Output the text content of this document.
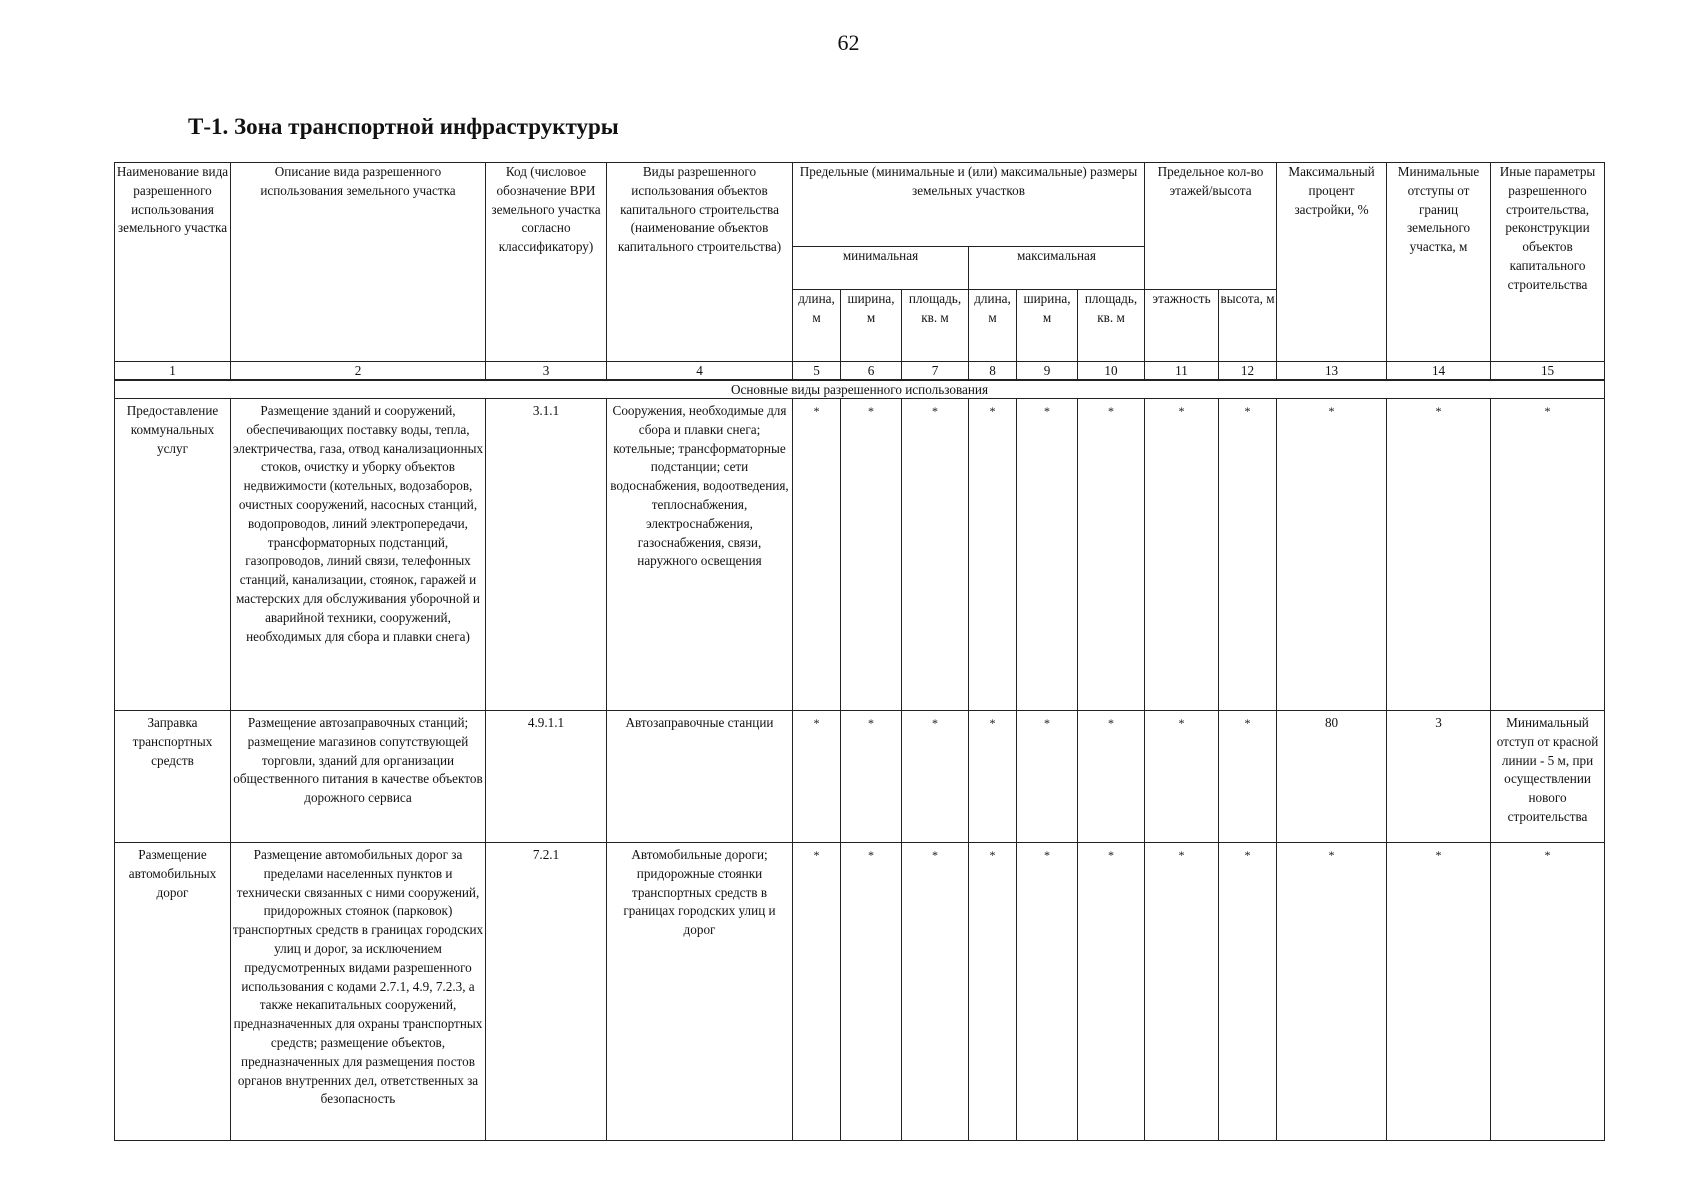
62
Т-1. Зона транспортной инфраструктуры
Наименование вида разрешенного использования земельного участка	Описание вида разрешенного использования земельного участка	Код (числовое обозначение ВРИ земельного участка согласно классификатору)	Виды разрешенного использования объектов капитального строительства (наименование объектов капитального строительства)	Предельные (минимальные и (или) максимальные) размеры земельных участков						Предельное кол-во этажей/высота		Максимальный процент застройки, %	Минимальные отступы от границ земельного участка, м	Иные параметры разрешенного строительства, реконструкции объектов капитального строительства
				минимальная			максимальная							
				длина, м	ширина, м	площадь, кв. м	длина, м	ширина, м	площадь, кв. м	этажность	высота, м			
1	2	3	4	5	6	7	8	9	10	11	12	13	14	15
Основные виды разрешенного использования														
Предоставление коммунальных услуг	Размещение зданий и сооружений, обеспечивающих поставку воды, тепла, электричества, газа, отвод канализационных стоков, очистку и уборку объектов недвижимости (котельных, водозаборов, очистных сооружений, насосных станций, водопроводов, линий электропередачи, трансформаторных подстанций, газопроводов, линий связи, телефонных станций, канализации, стоянок, гаражей и мастерских для обслуживания уборочной и аварийной техники, сооружений, необходимых для сбора и плавки снега)	3.1.1	Сооружения, необходимые для сбора и плавки снега; котельные; трансформаторные подстанции; сети водоснабжения, водоотведения, теплоснабжения, электроснабжения, газоснабжения, связи, наружного освещения	*	*	*	*	*	*	*	*	*	*	*
Заправка транспортных средств	Размещение автозаправочных станций; размещение магазинов сопутствующей торговли, зданий для организации общественного питания в качестве объектов дорожного сервиса	4.9.1.1	Автозаправочные станции	*	*	*	*	*	*	*	*	80	3	Минимальный отступ от красной линии - 5 м, при осуществлении нового строительства
Размещение автомобильных дорог	Размещение автомобильных дорог за пределами населенных пунктов и технически связанных с ними сооружений, придорожных стоянок (парковок) транспортных средств в границах городских улиц и дорог, за исключением предусмотренных видами разрешенного использования с кодами 2.7.1, 4.9, 7.2.3, а также некапитальных сооружений, предназначенных для охраны транспортных средств; размещение объектов, предназначенных для размещения постов органов внутренних дел, ответственных за безопасность	7.2.1	Автомобильные дороги; придорожные стоянки транспортных средств в границах городских улиц и дорог	*	*	*	*	*	*	*	*	*	*	*
